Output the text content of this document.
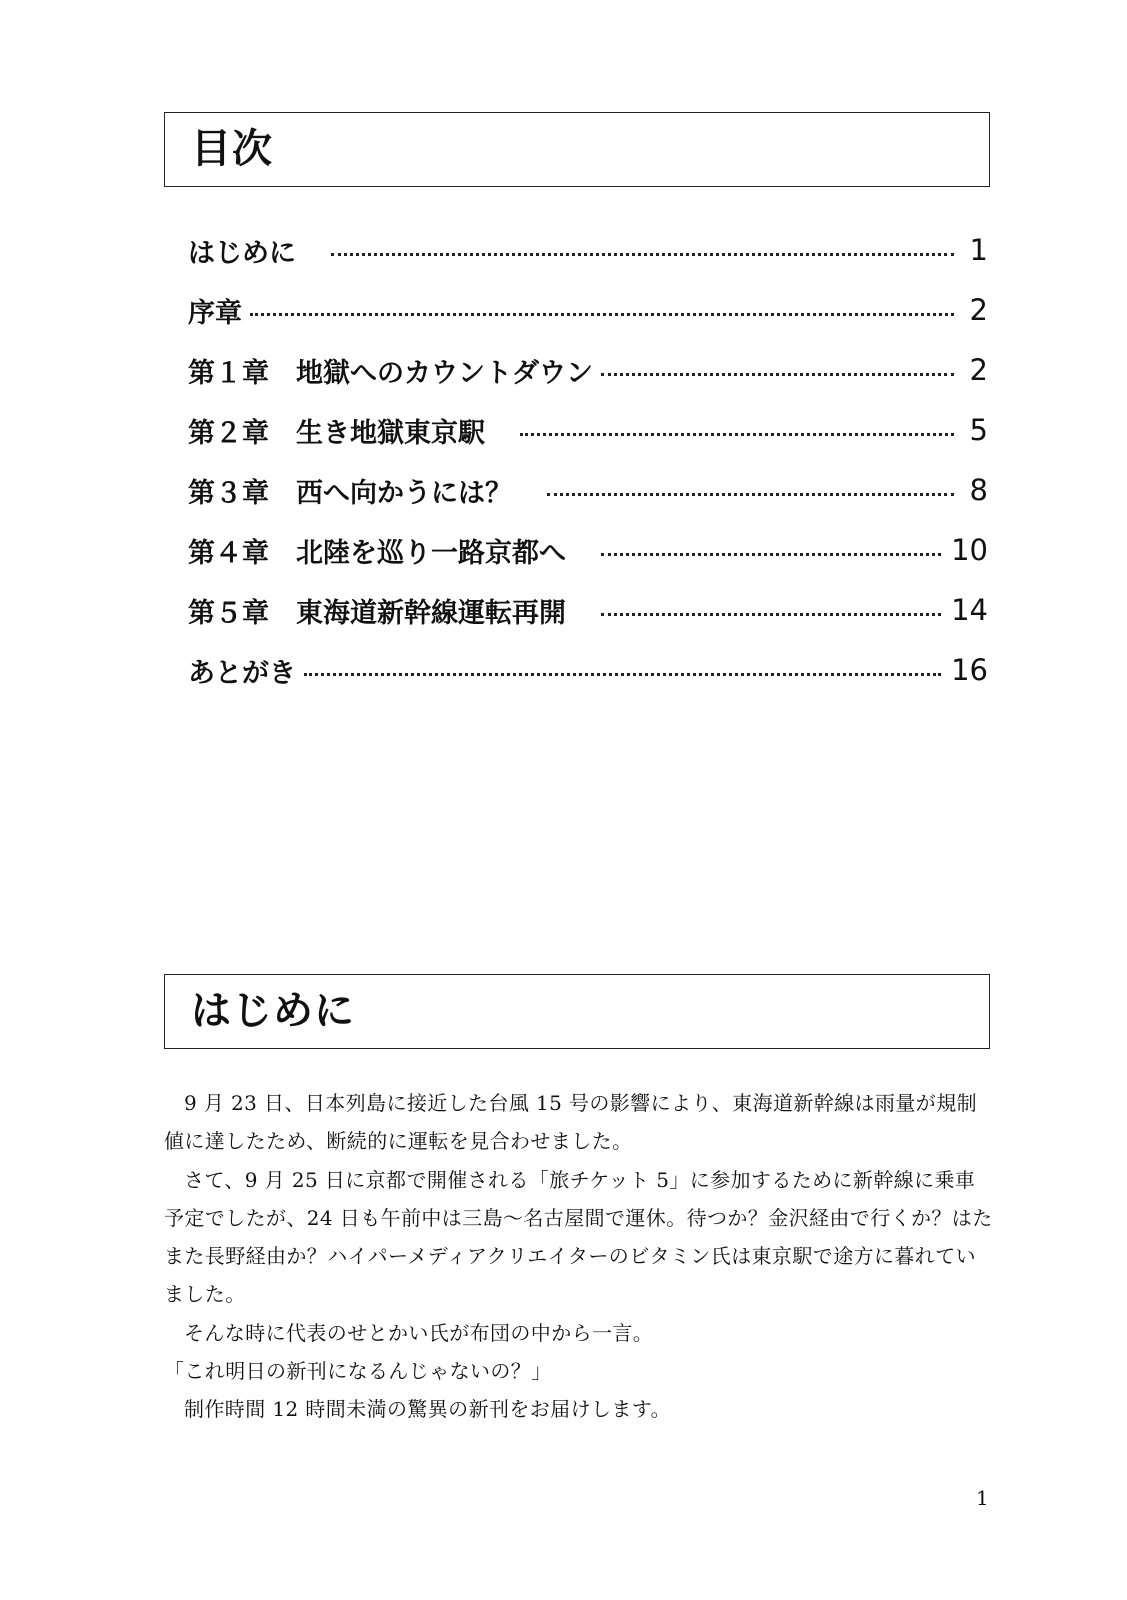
目次
はじめに　	1
序章	2
第１章　地獄へのカウントダウン	2
第２章　生き地獄東京駅　	5
第３章　西へ向かうには？　	8
第４章　北陸を巡り一路京都へ　	10
第５章　東海道新幹線運転再開　	14
あとがき	16
はじめに

9 月 23 日、日本列島に接近した台風 15 号の影響により、東海道新幹線は雨量が規制値に達したため、断続的に運転を見合わせました。

さて、9 月 25 日に京都で開催される「旅チケット 5」に参加するために新幹線に乗車予定でしたが、24 日も午前中は三島～名古屋間で運休。待つか？金沢経由で行くか？はたまた長野経由か？ハイパーメディアクリエイターのビタミン氏は東京駅で途方に暮れていました。

そんな時に代表のせとかい氏が布団の中から一言。

「これ明日の新刊になるんじゃないの？」

制作時間 12 時間未満の驚異の新刊をお届けします。

1
